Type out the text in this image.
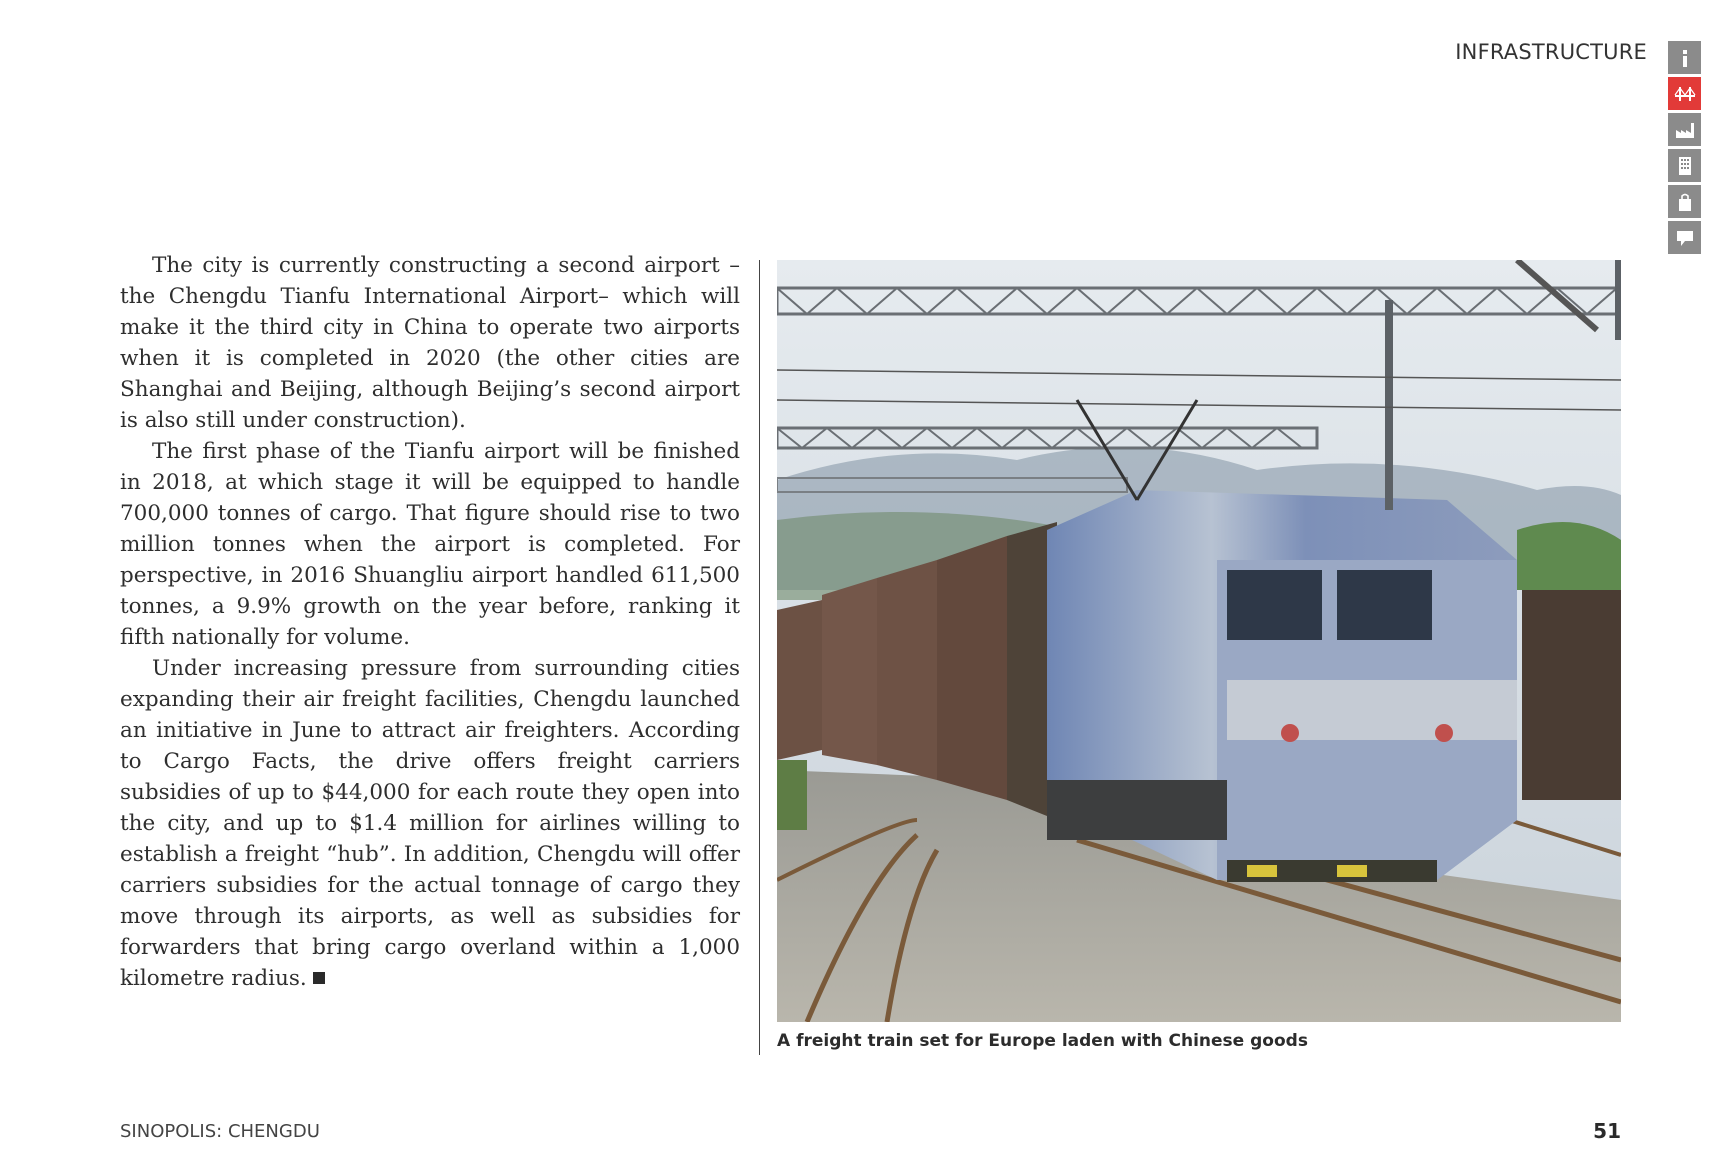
INFRASTRUCTURE

The city is currently constructing a second airport – the Chengdu Tianfu International Airport– which will make it the third city in China to operate two airports when it is completed in 2020 (the other cities are Shanghai and Beijing, although Beijing’s second airport is also still under construction).

The first phase of the Tianfu airport will be finished in 2018, at which stage it will be equipped to handle 700,000 tonnes of cargo. That figure should rise to two million tonnes when the airport is completed. For perspective, in 2016 Shuangliu airport handled 611,500 tonnes, a 9.9% growth on the year before, ranking it fifth nationally for volume.

Under increasing pressure from surrounding cities expanding their air freight facilities, Chengdu launched an initiative in June to attract air freighters. According to Cargo Facts, the drive offers freight carriers subsidies of up to $44,000 for each route they open into the city, and up to $1.4 million for airlines willing to establish a freight “hub”. In addition, Chengdu will offer carriers subsidies for the actual tonnage of cargo they move through its airports, as well as subsidies for forwarders that bring cargo overland within a 1,000 kilometre radius.

A freight train set for Europe laden with Chinese goods
SINOPOLIS: CHENGDU	51
